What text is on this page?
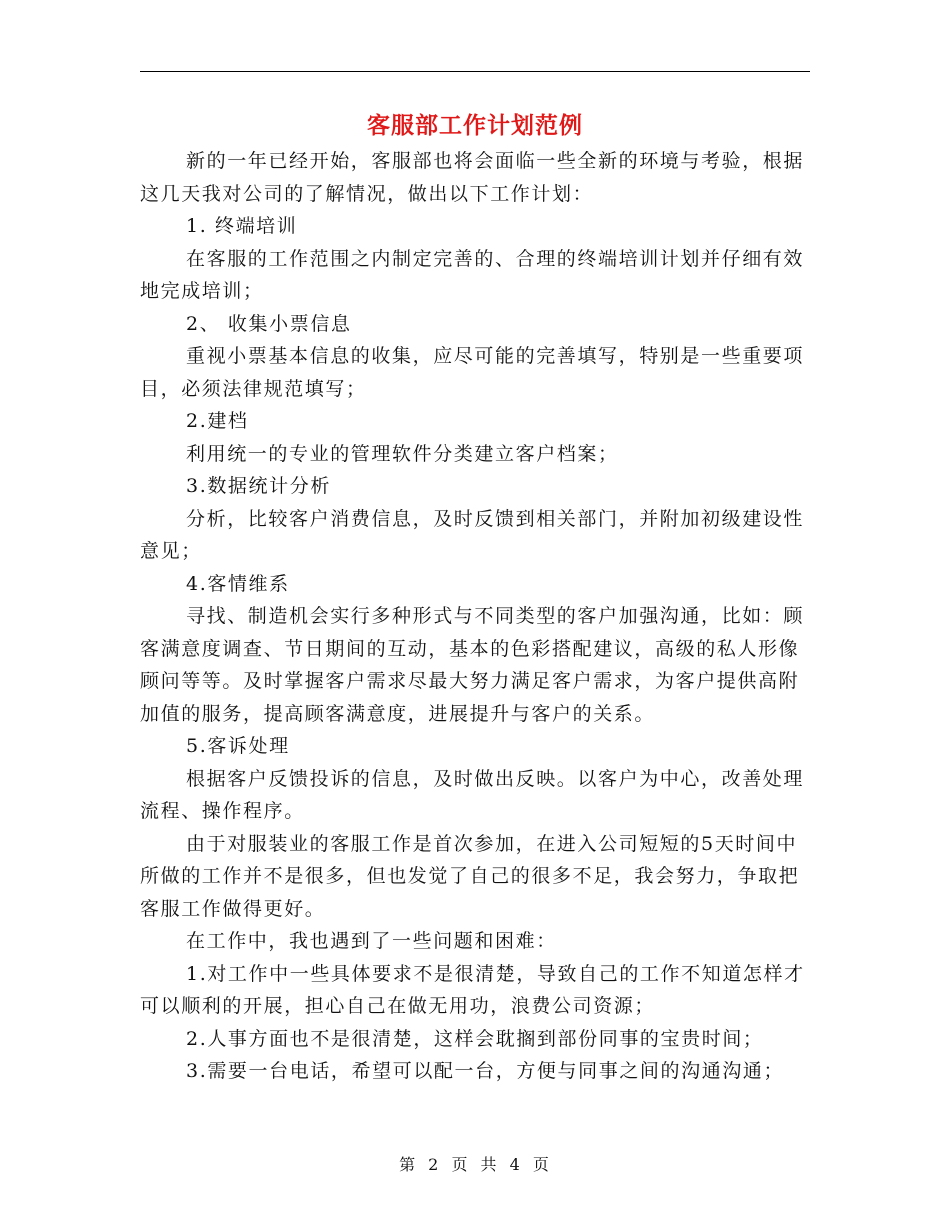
客服部工作计划范例

新的一年已经开始，客服部也将会面临一些全新的环境与考验，根据这几天我对公司的了解情况，做出以下工作计划：

1. 终端培训

在客服的工作范围之内制定完善的、合理的终端培训计划并仔细有效地完成培训；

2、 收集小票信息

重视小票基本信息的收集，应尽可能的完善填写，特别是一些重要项目，必须法律规范填写；

2.建档

利用统一的专业的管理软件分类建立客户档案；

3.数据统计分析

分析，比较客户消费信息，及时反馈到相关部门，并附加初级建设性意见；

4.客情维系

寻找、制造机会实行多种形式与不同类型的客户加强沟通，比如：顾客满意度调查、节日期间的互动，基本的色彩搭配建议，高级的私人形像顾问等等。及时掌握客户需求尽最大努力满足客户需求，为客户提供高附加值的服务，提高顾客满意度，进展提升与客户的关系。

5.客诉处理

根据客户反馈投诉的信息，及时做出反映。以客户为中心，改善处理流程、操作程序。

由于对服装业的客服工作是首次参加，在进入公司短短的5天时间中所做的工作并不是很多，但也发觉了自己的很多不足，我会努力，争取把客服工作做得更好。

在工作中，我也遇到了一些问题和困难：

1.对工作中一些具体要求不是很清楚，导致自己的工作不知道怎样才可以顺利的开展，担心自己在做无用功，浪费公司资源；

2.人事方面也不是很清楚，这样会耽搁到部份同事的宝贵时间；

3.需要一台电话，希望可以配一台，方便与同事之间的沟通沟通；

第 2 页 共 4 页
